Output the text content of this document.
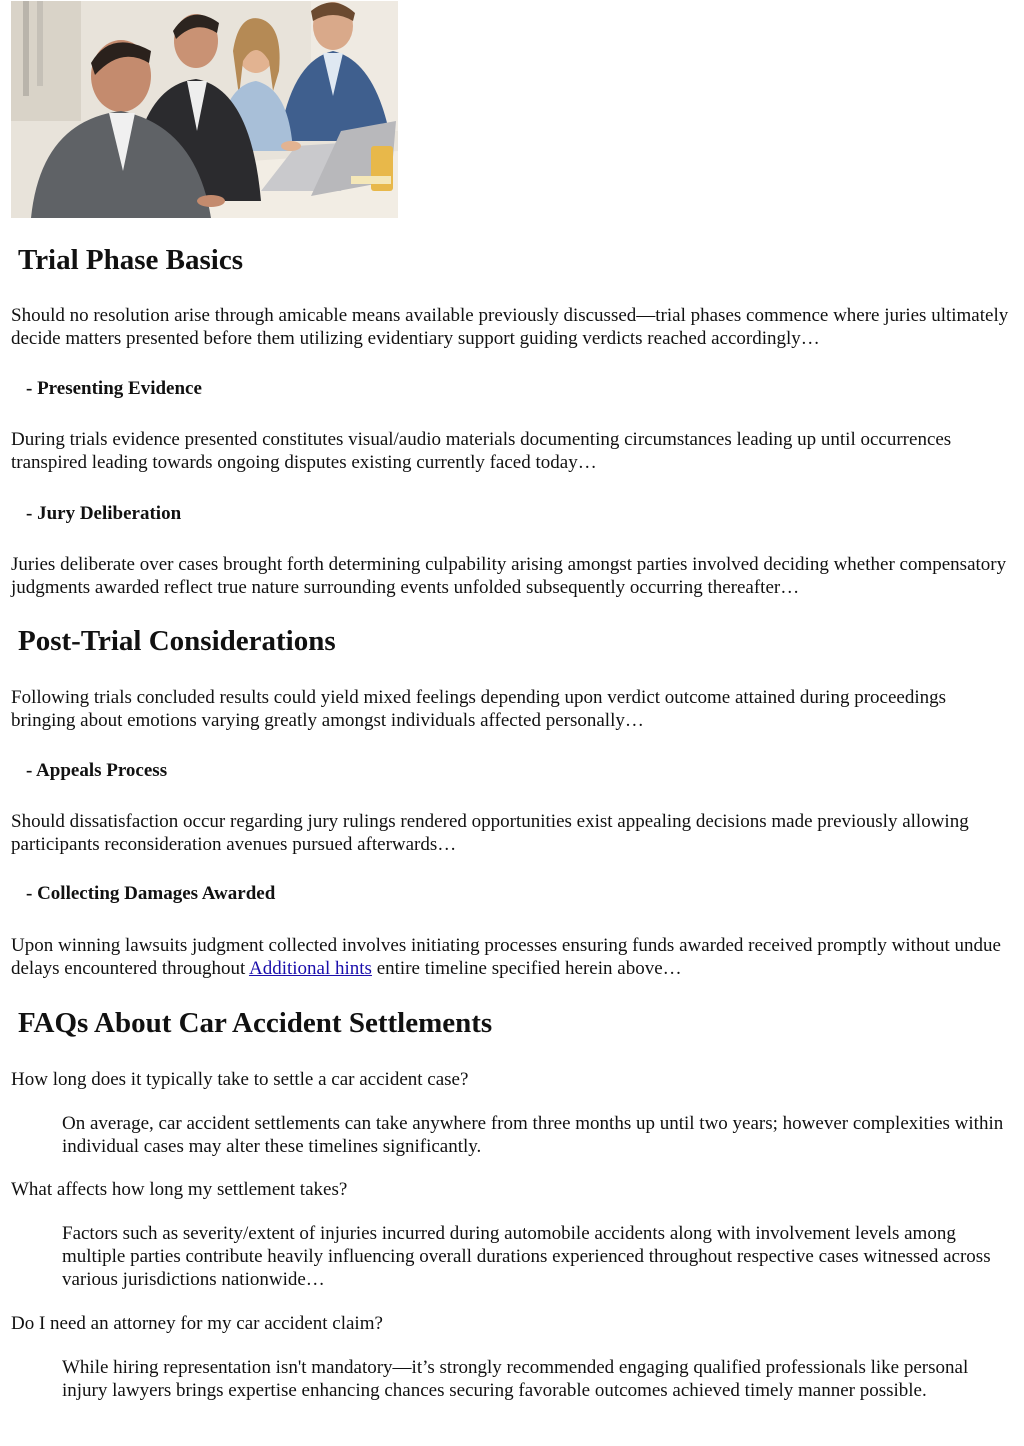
Trial Phase Basics

Should no resolution arise through amicable means available previously discussed—trial phases commence where juries ultimately decide matters presented before them utilizing evidentiary support guiding verdicts reached accordingly…

- Presenting Evidence

During trials evidence presented constitutes visual/audio materials documenting circumstances leading up until occurrences transpired leading towards ongoing disputes existing currently faced today…

- Jury Deliberation

Juries deliberate over cases brought forth determining culpability arising amongst parties involved deciding whether compensatory judgments awarded reflect true nature surrounding events unfolded subsequently occurring thereafter…

Post-Trial Considerations

Following trials concluded results could yield mixed feelings depending upon verdict outcome attained during proceedings bringing about emotions varying greatly amongst individuals affected personally…

- Appeals Process

Should dissatisfaction occur regarding jury rulings rendered opportunities exist appealing decisions made previously allowing participants reconsideration avenues pursued afterwards…

- Collecting Damages Awarded

Upon winning lawsuits judgment collected involves initiating processes ensuring funds awarded received promptly without undue delays encountered throughout Additional hints entire timeline specified herein above…

FAQs About Car Accident Settlements

How long does it typically take to settle a car accident case?

On average, car accident settlements can take anywhere from three months up until two years; however complexities within individual cases may alter these timelines significantly.

What affects how long my settlement takes?

Factors such as severity/extent of injuries incurred during automobile accidents along with involvement levels among multiple parties contribute heavily influencing overall durations experienced throughout respective cases witnessed across various jurisdictions nationwide…

Do I need an attorney for my car accident claim?

While hiring representation isn't mandatory—it’s strongly recommended engaging qualified professionals like personal injury lawyers brings expertise enhancing chances securing favorable outcomes achieved timely manner possible.
